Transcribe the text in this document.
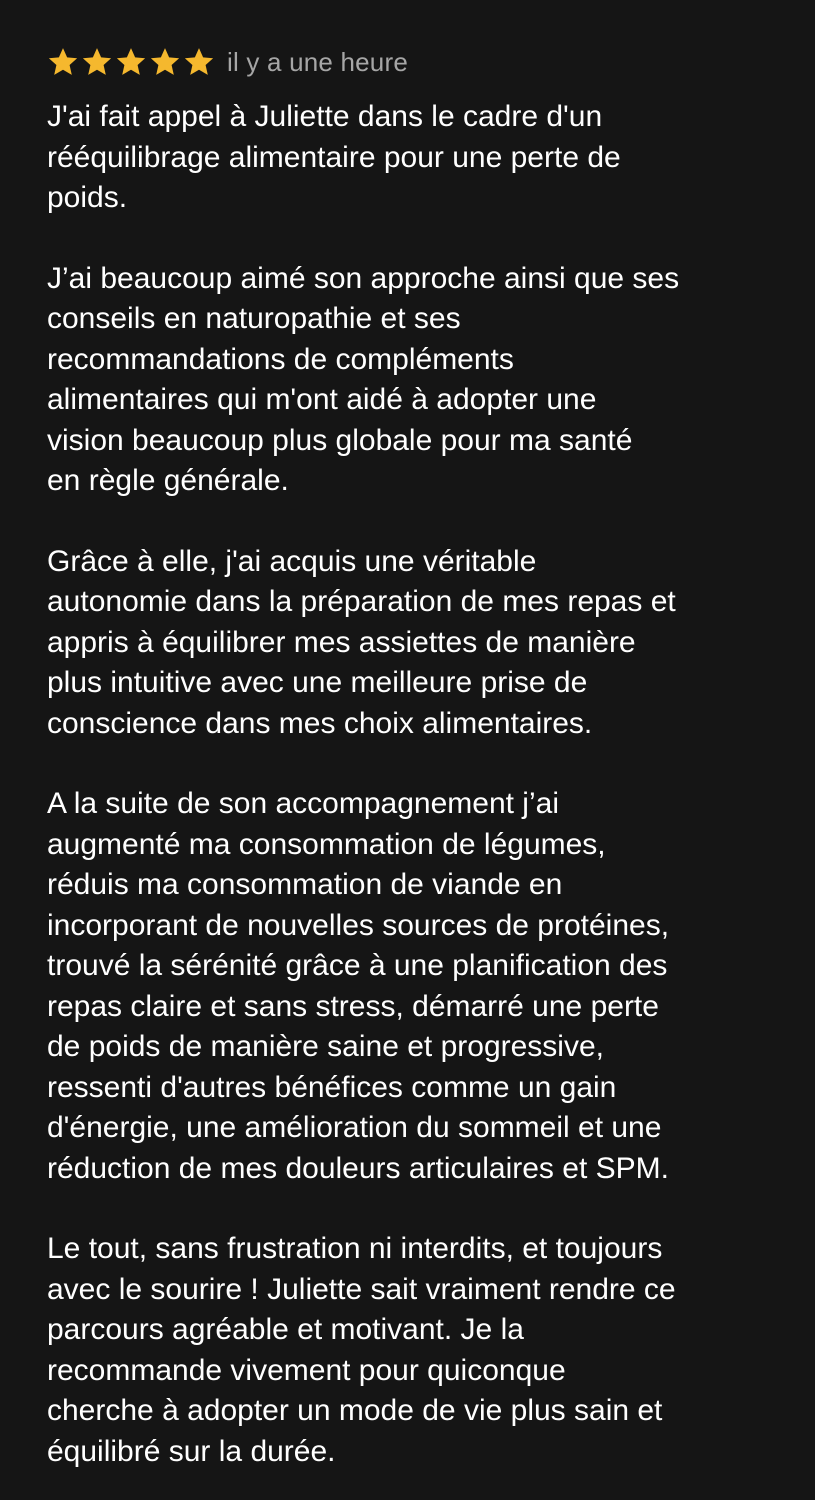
il y a une heure

J'ai fait appel à Juliette dans le cadre d'un
rééquilibrage alimentaire pour une perte de
poids.

J’ai beaucoup aimé son approche ainsi que ses
conseils en naturopathie et ses
recommandations de compléments
alimentaires qui m'ont aidé à adopter une
vision beaucoup plus globale pour ma santé
en règle générale.

Grâce à elle, j'ai acquis une véritable
autonomie dans la préparation de mes repas et
appris à équilibrer mes assiettes de manière
plus intuitive avec une meilleure prise de
conscience dans mes choix alimentaires.

A la suite de son accompagnement j’ai
augmenté ma consommation de légumes,
réduis ma consommation de viande en
incorporant de nouvelles sources de protéines,
trouvé la sérénité grâce à une planification des
repas claire et sans stress, démarré une perte
de poids de manière saine et progressive,
ressenti d'autres bénéfices comme un gain
d'énergie, une amélioration du sommeil et une
réduction de mes douleurs articulaires et SPM.

Le tout, sans frustration ni interdits, et toujours
avec le sourire ! Juliette sait vraiment rendre ce
parcours agréable et motivant. Je la
recommande vivement pour quiconque
cherche à adopter un mode de vie plus sain et
équilibré sur la durée.
